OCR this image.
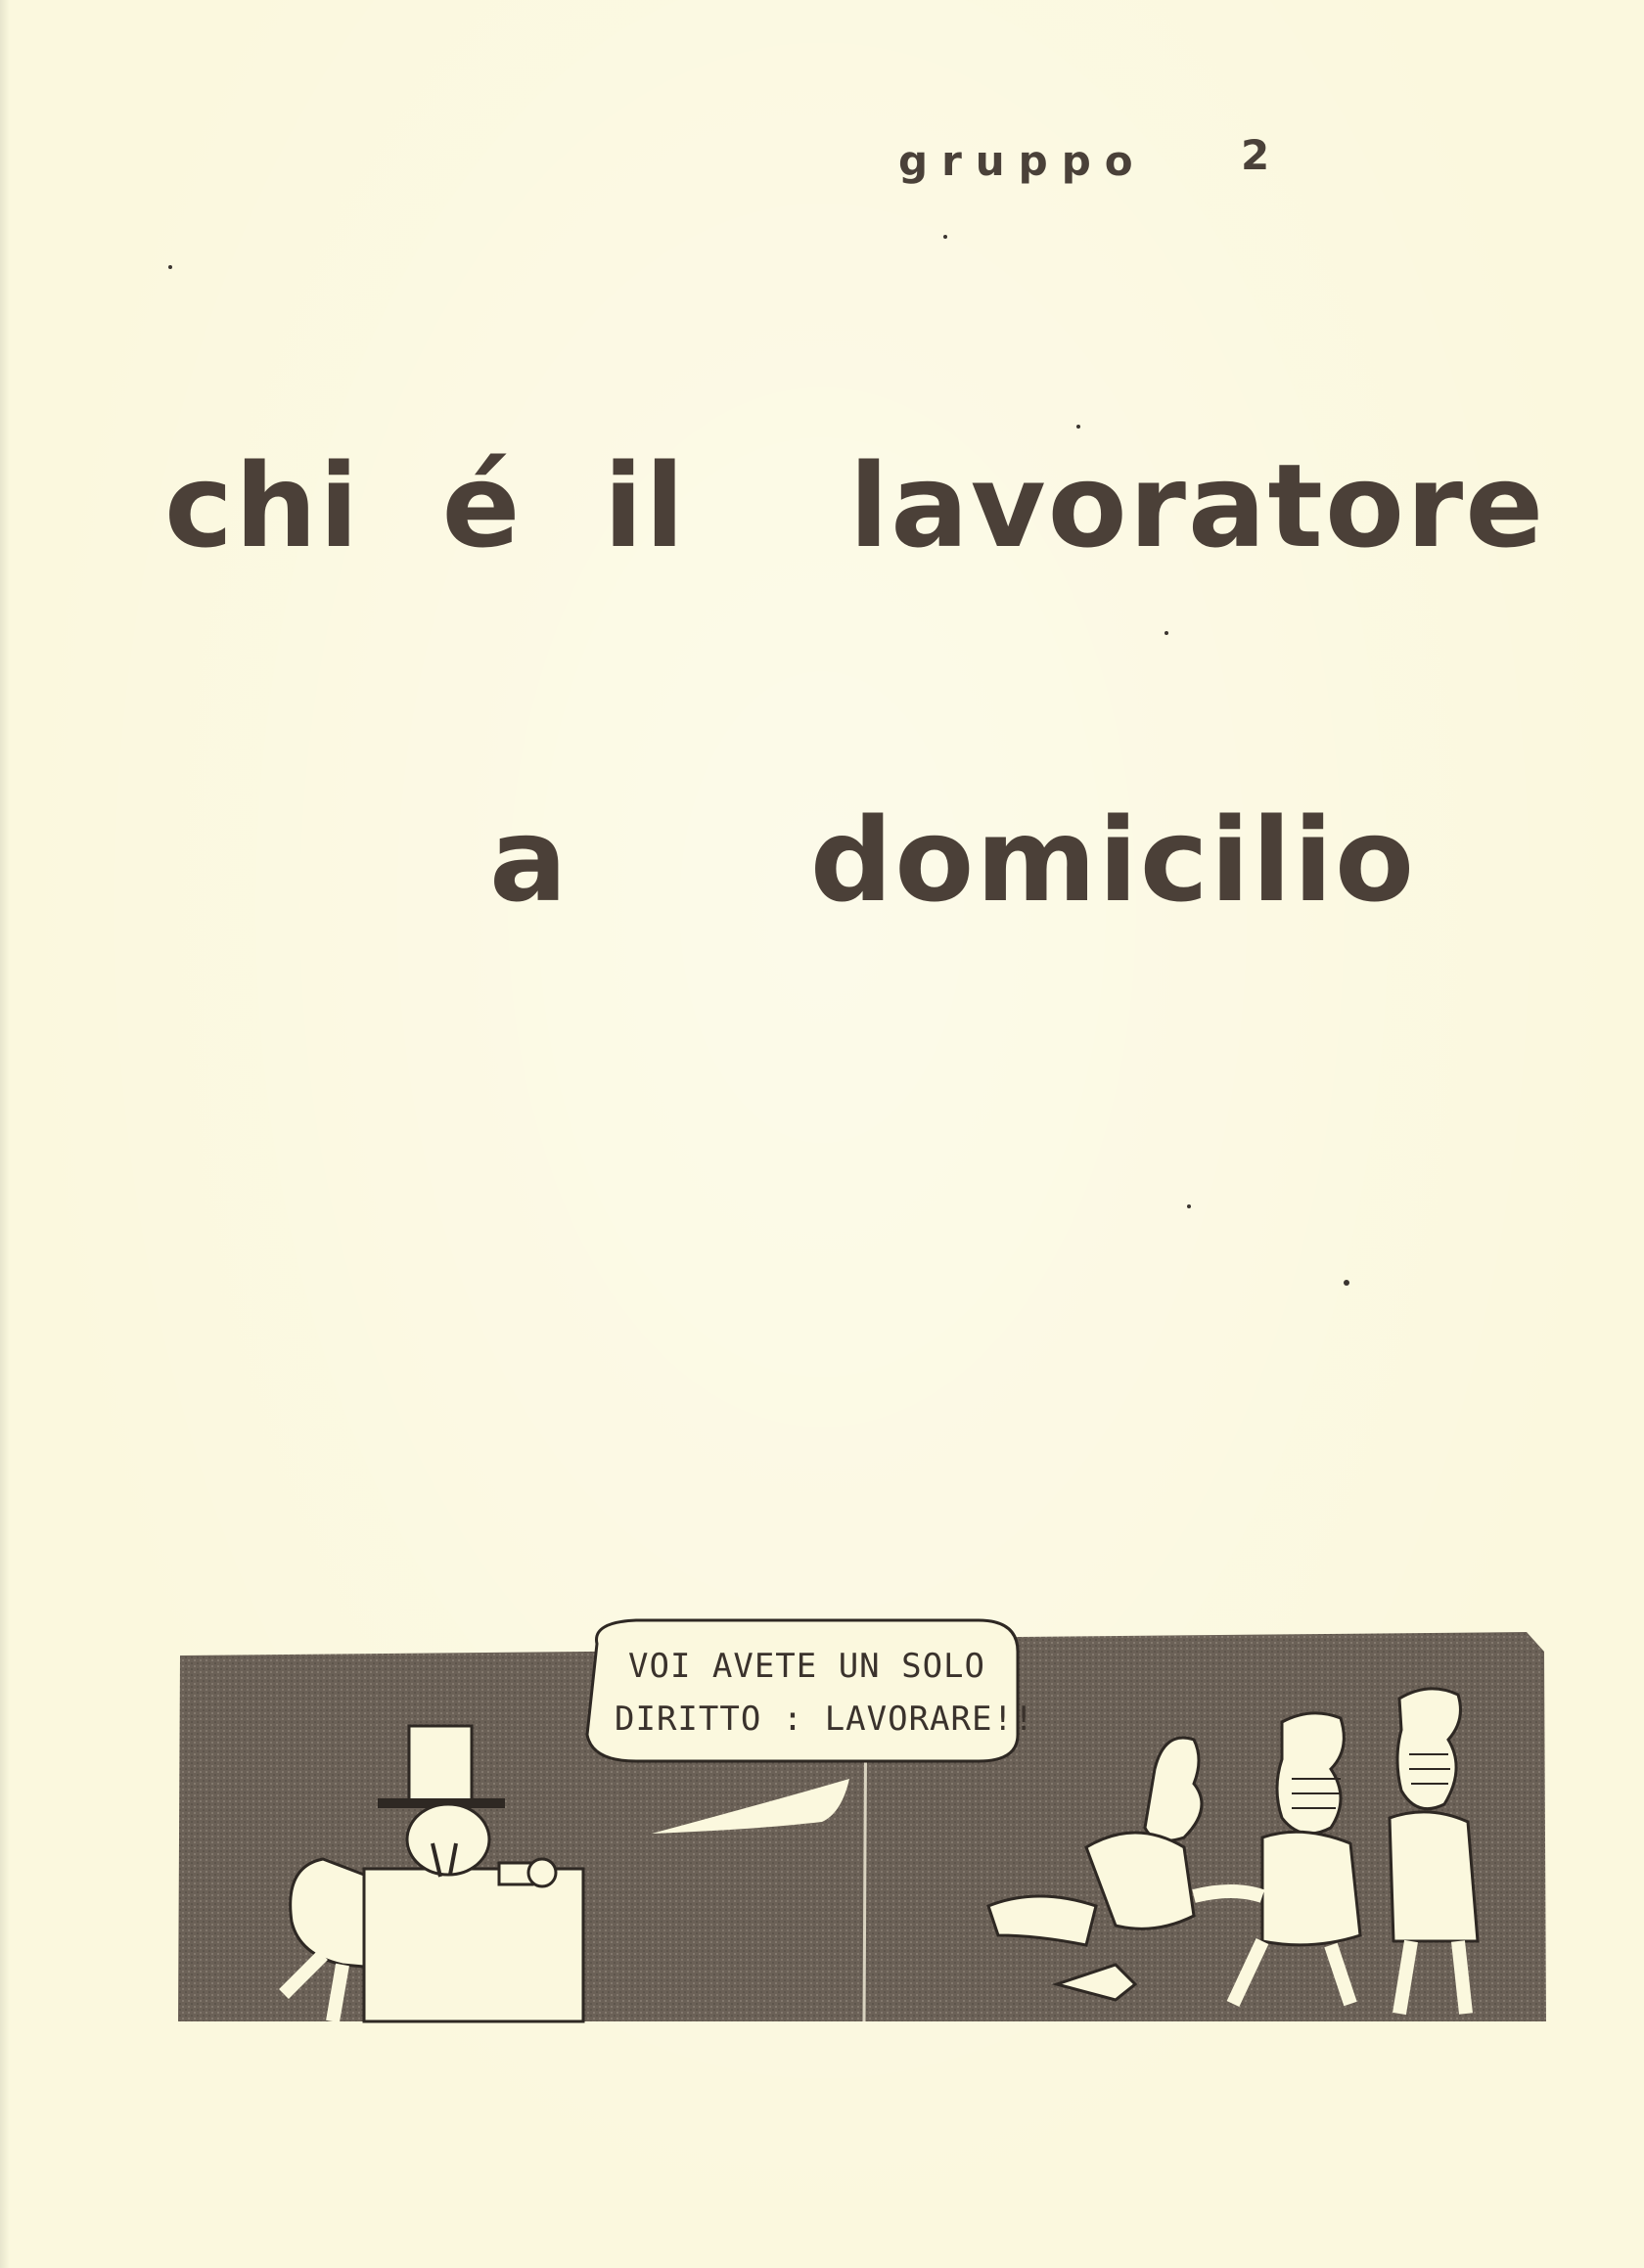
gruppo 2
chi é il  lavoratore
a  domicilio
VOI AVETE UN SOLO
DIRITTO : LAVORARE!!
